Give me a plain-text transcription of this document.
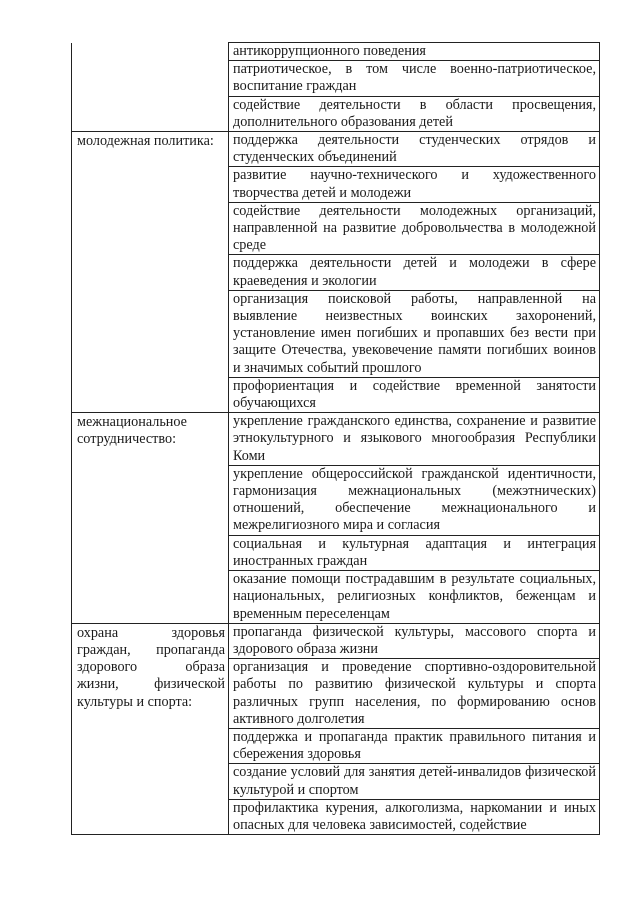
	антикоррупционного поведения
	патриотическое, в том числе военно-патриотическое, воспитание граждан
	содействие деятельности в области просвещения, дополнительного образования детей
молодежная политика:	поддержка деятельности студенческих отрядов и студенческих объединений
	развитие научно-технического и художественного творчества детей и молодежи
	содействие деятельности молодежных организаций, направленной на развитие добровольчества в молодежной среде
	поддержка деятельности детей и молодежи в сфере краеведения и экологии
	организация поисковой работы, направленной на выявление неизвестных воинских захоронений, установление имен погибших и пропавших без вести при защите Отечества, увековечение памяти погибших воинов и значимых событий прошлого
	профориентация и содействие временной занятости обучающихся
межнациональное сотрудничество:	укрепление гражданского единства, сохранение и развитие этнокультурного и языкового многообразия Республики Коми
	укрепление общероссийской гражданской идентичности, гармонизация межнациональных (межэтнических) отношений, обеспечение межнационального и межрелигиозного мира и согласия
	социальная и культурная адаптация и интеграция иностранных граждан
	оказание помощи пострадавшим в результате социальных, национальных, религиозных конфликтов, беженцам и временным переселенцам
охрана здоровья граждан, пропаганда здорового образа жизни, физической культуры и спорта:	пропаганда физической культуры, массового спорта и здорового образа жизни
	организация и проведение спортивно-оздоровительной работы по развитию физической культуры и спорта различных групп населения, по формированию основ активного долголетия
	поддержка и пропаганда практик правильного питания и сбережения здоровья
	создание условий для занятия детей-инвалидов физической культурой и спортом
	профилактика курения, алкоголизма, наркомании и иных опасных для человека зависимостей, содействие
